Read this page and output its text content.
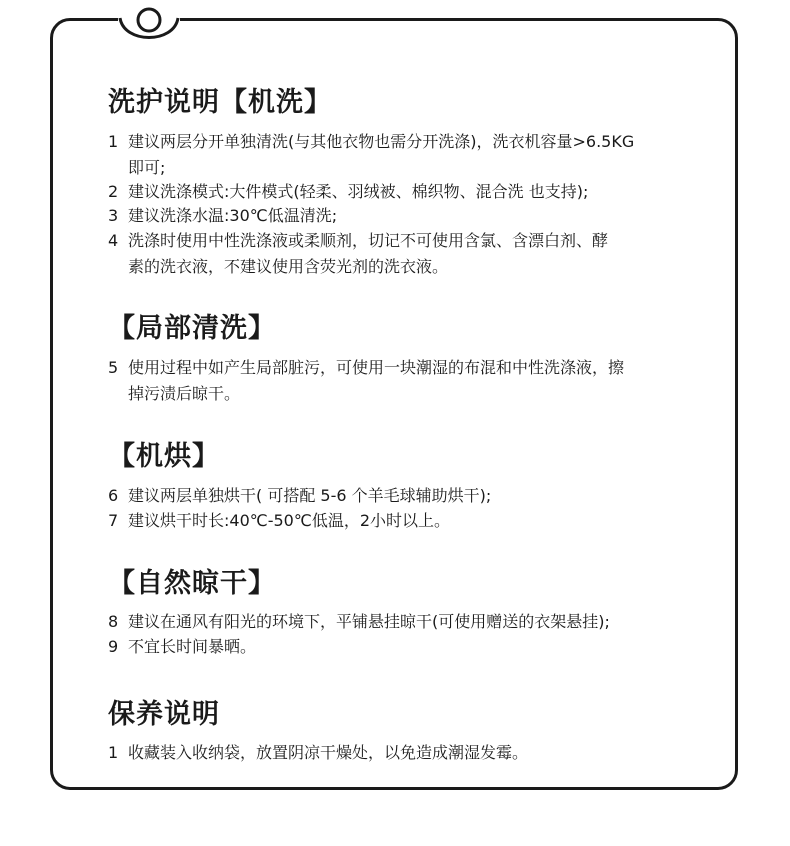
洗护说明【机洗】
1 建议两层分开单独清洗(与其他衣物也需分开洗涤)，洗衣机容量>6.5KG
即可;
2 建议洗涤模式:大件模式(轻柔、羽绒被、棉织物、混合洗 也支持);
3 建议洗涤水温:30℃低温清洗;
4 洗涤时使用中性洗涤液或柔顺剂，切记不可使用含氯、含漂白剂、酵
素的洗衣液，不建议使用含荧光剂的洗衣液。
【局部清洗】
5 使用过程中如产生局部脏污，可使用一块潮湿的布混和中性洗涤液，擦
掉污渍后晾干。
【机烘】
6 建议两层单独烘干( 可搭配 5-6 个羊毛球辅助烘干);
7 建议烘干时长:40℃-50℃低温，2小时以上。
【自然晾干】
8 建议在通风有阳光的环境下，平铺悬挂晾干(可使用赠送的衣架悬挂);
9 不宜长时间暴晒。
保养说明
1 收藏装入收纳袋，放置阴凉干燥处，以免造成潮湿发霉。
